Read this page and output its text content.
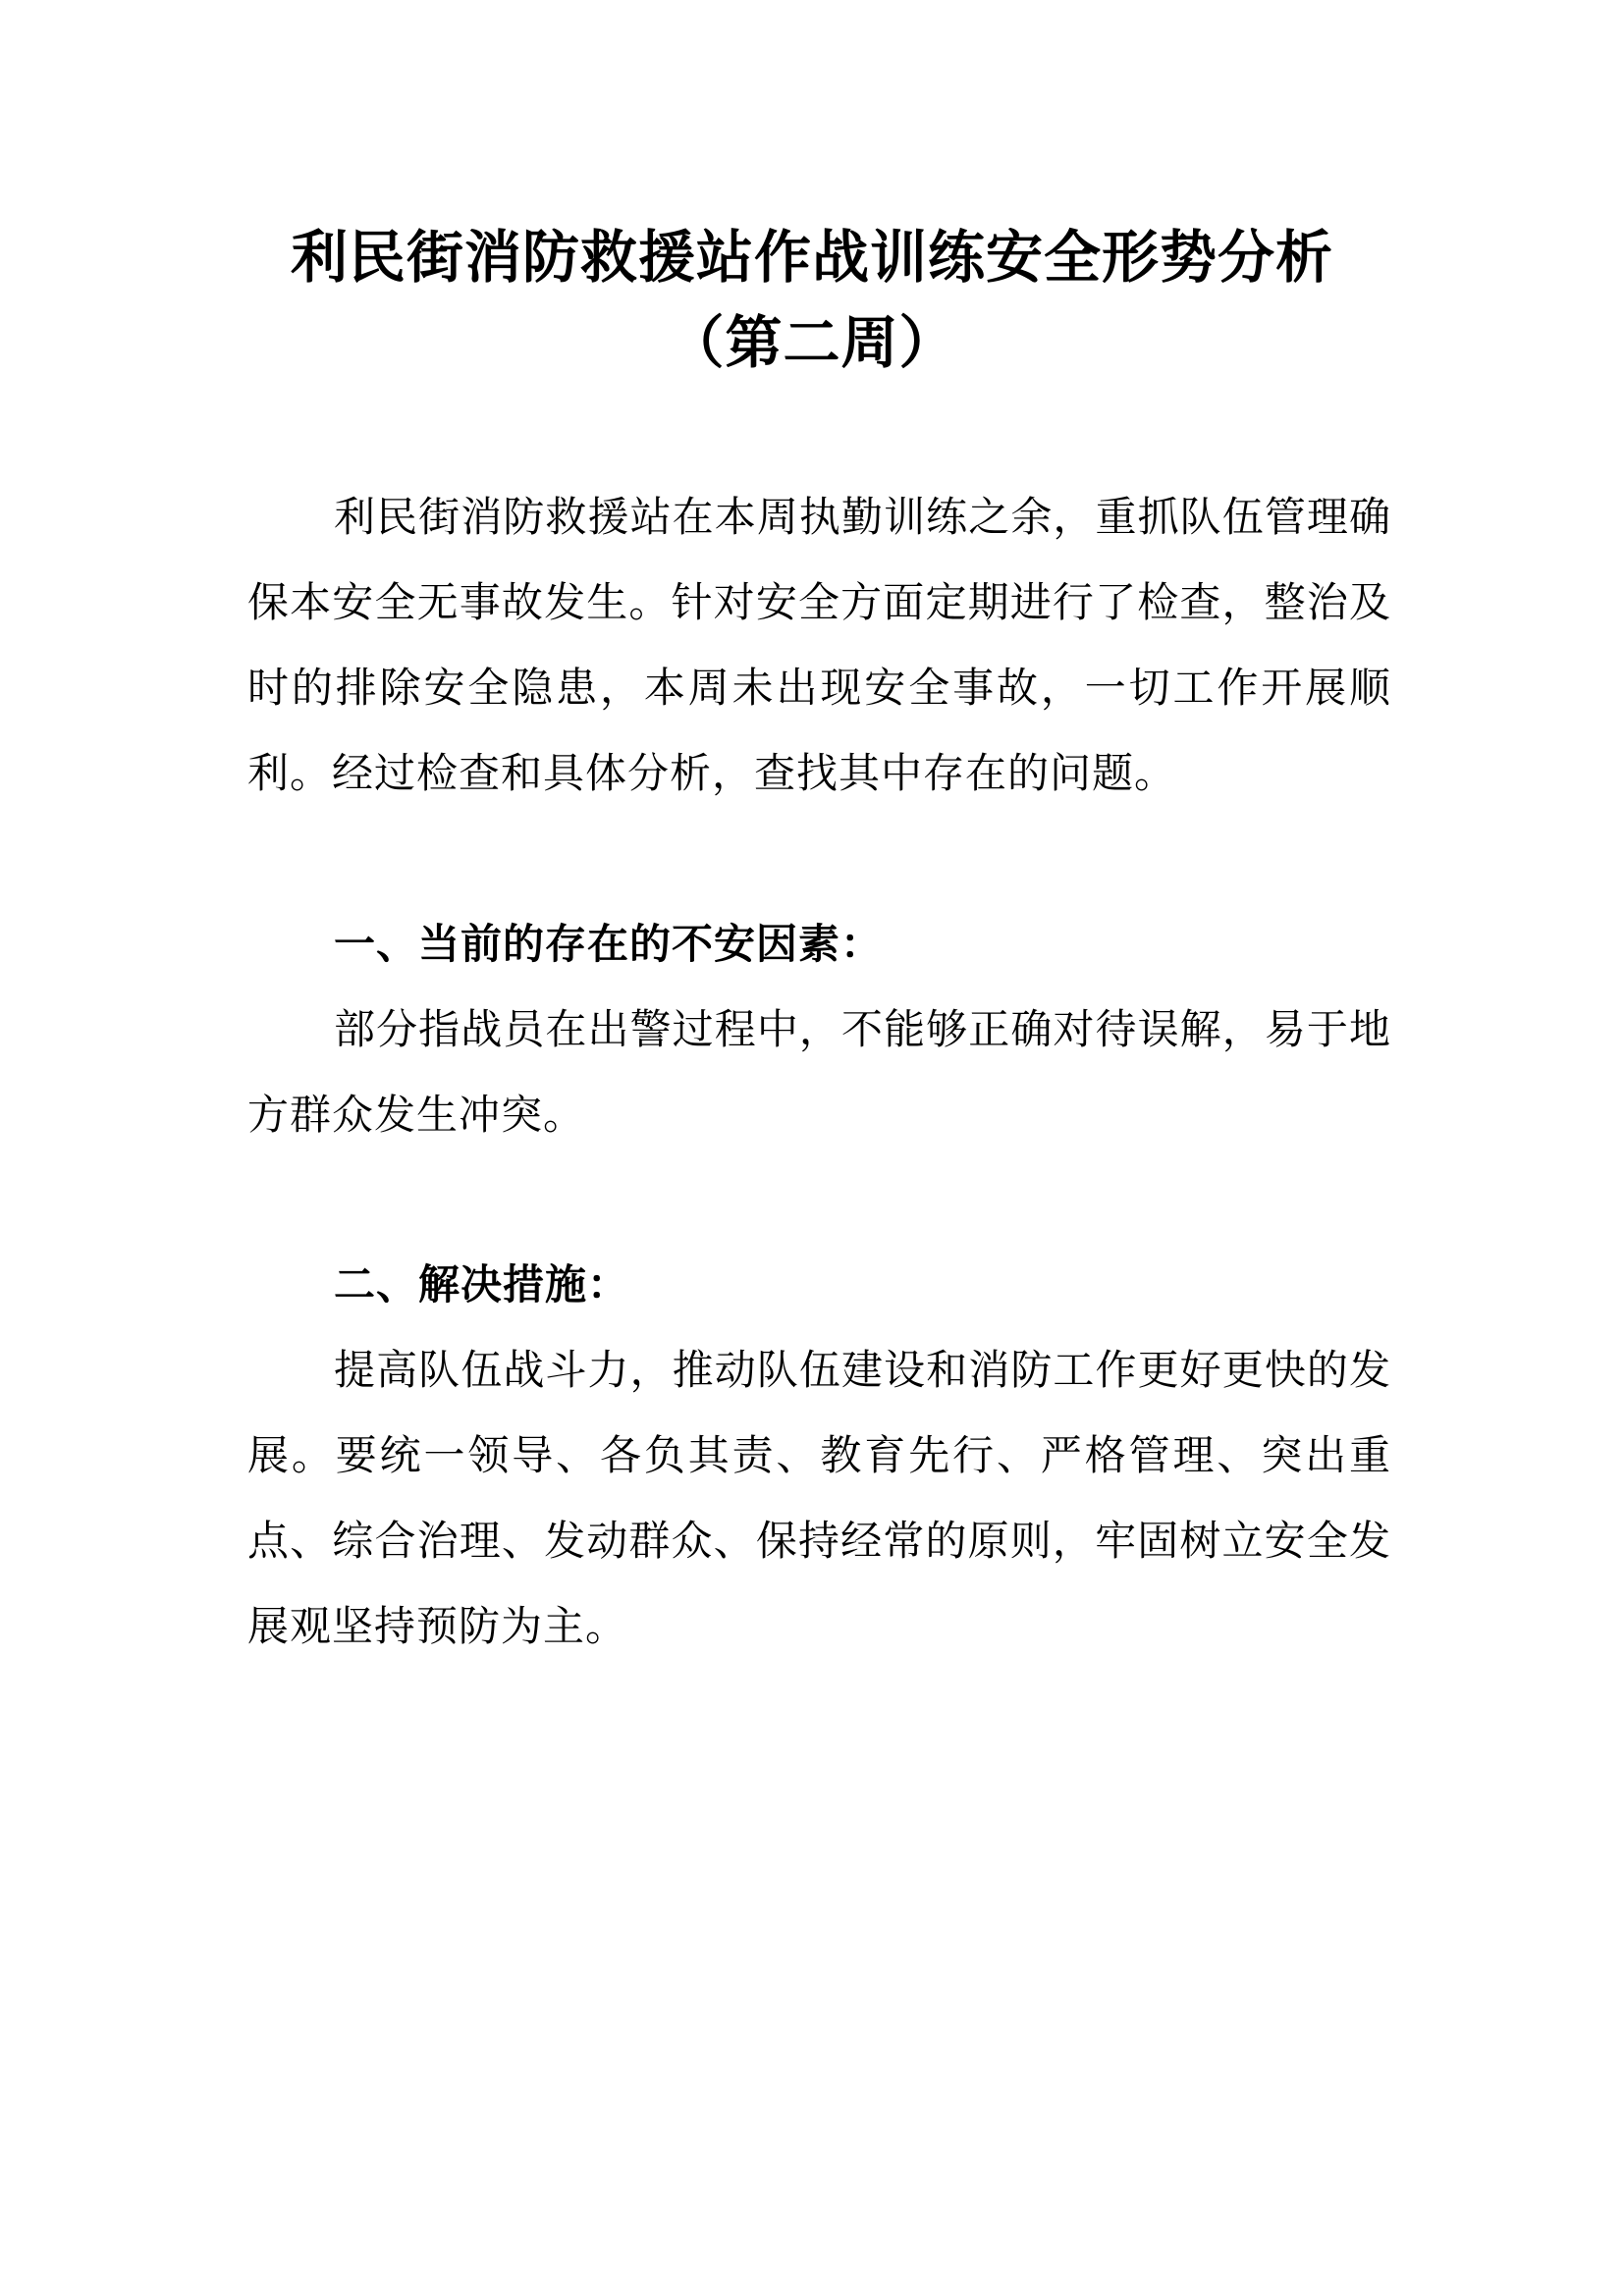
利民街消防救援站作战训练安全形势分析
（第二周）
利民街消防救援站在本周执勤训练之余，重抓队伍管理确保本安全无事故发生。针对安全方面定期进行了检查，整治及时的排除安全隐患，本周未出现安全事故，一切工作开展顺利。经过检查和具体分析，查找其中存在的问题。
一、当前的存在的不安因素：
部分指战员在出警过程中，不能够正确对待误解，易于地方群众发生冲突。
二、解决措施：
提高队伍战斗力，推动队伍建设和消防工作更好更快的发展。要统一领导、各负其责、教育先行、严格管理、突出重点、综合治理、发动群众、保持经常的原则，牢固树立安全发展观坚持预防为主。
